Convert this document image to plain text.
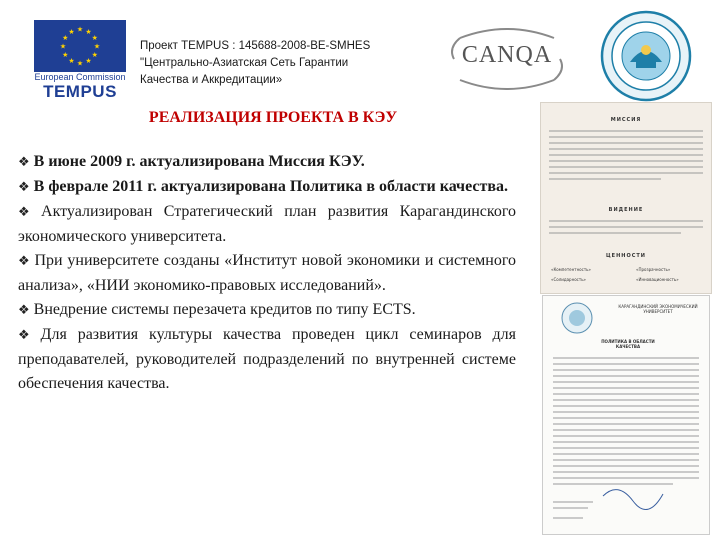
★ ★
★
★
★
★
★
★
★
★
★
★
European Commission
TEMPUS
Проект TEMPUS : 145688-2008-BE-SMHES
"Центрально-Азиатская Сеть Гарантии
Качества и Аккредитации»
CANQA
РЕАЛИЗАЦИЯ ПРОЕКТА В КЭУ

❖ В июне 2009 г. актуализирована Миссия КЭУ.

❖ В феврале 2011 г. актуализирована Политика в области качества.

❖ Актуализирован Стратегический план развития Карагандинского экономического университета.

❖ При университете созданы «Институт новой экономики и системного анализа», «НИИ экономико-правовых исследований».

❖ Внедрение системы перезачета кредитов по типу ECTS.

❖ Для развития культуры качества проведен цикл семинаров для преподавателей, руководителей подразделений по внутренней системе обеспечения качества.

МИССИЯ
ВИДЕНИЕ
ЦЕННОСТИ
«Компетентность»	«Прозрачность»
«Солидарность»	«Инновационность»
КАРАГАНДИНСКИЙ ЭКОНОМИЧЕСКИЙ УНИВЕРСИТЕТ
ПОЛИТИКА В ОБЛАСТИ КАЧЕСТВА
